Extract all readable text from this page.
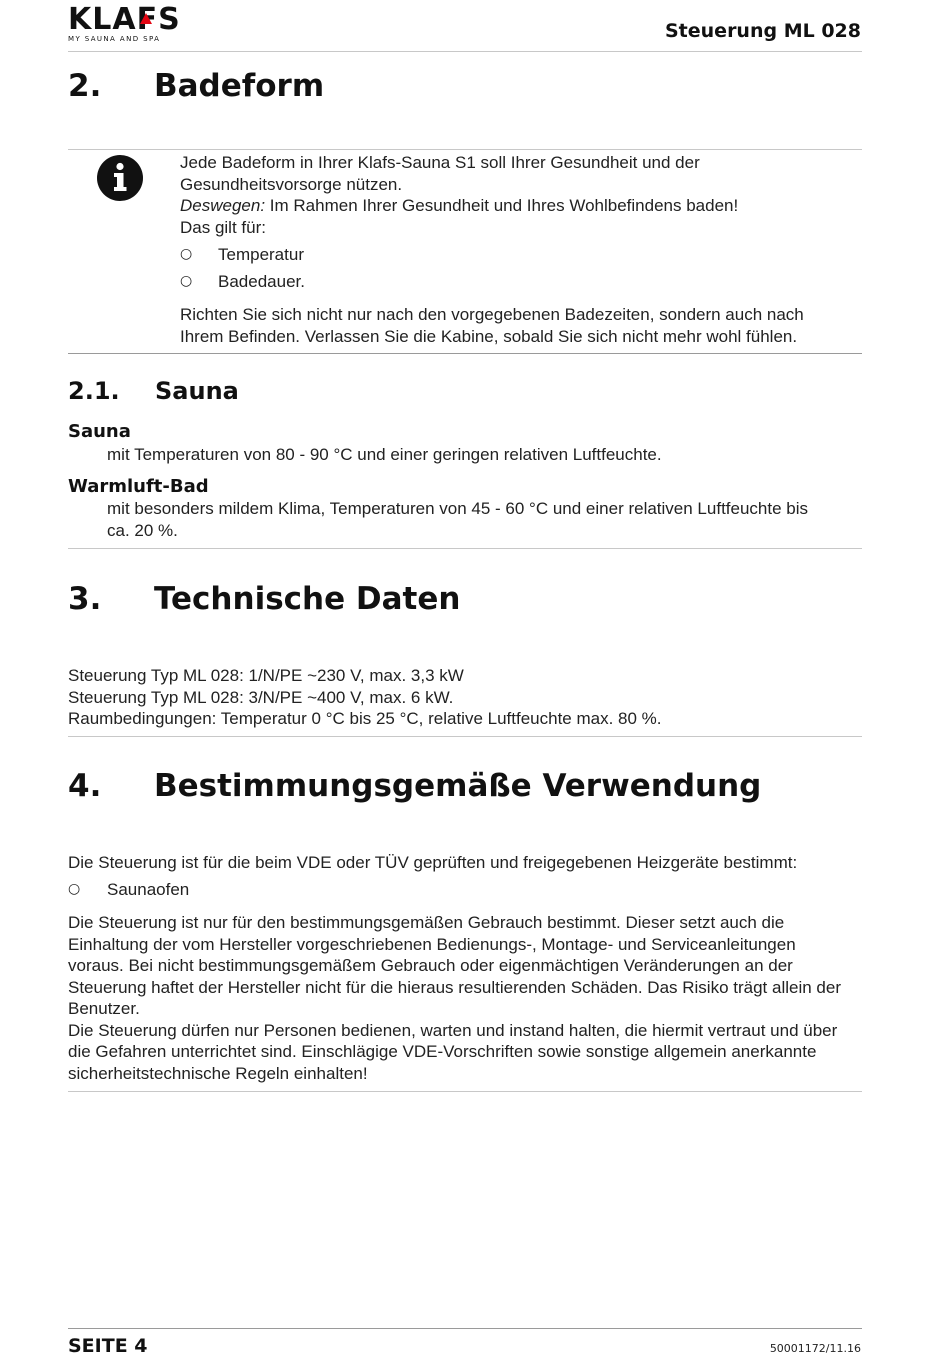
KLAFS
MY SAUNA AND SPA	Steuerung ML 028
2. Badeform
Jede Badeform in Ihrer Klafs-Sauna S1 soll Ihrer Gesundheit und der
Gesundheitsvorsorge nützen.
Deswegen: Im Rahmen Ihrer Gesundheit und Ihres Wohlbefindens baden!
Das gilt für:
○ Temperatur
○ Badedauer.
Richten Sie sich nicht nur nach den vorgegebenen Badezeiten, sondern auch nach
Ihrem Befinden. Verlassen Sie die Kabine, sobald Sie sich nicht mehr wohl fühlen.
2.1. Sauna
Sauna
mit Temperaturen von 80 - 90 °C und einer geringen relativen Luftfeuchte.
Warmluft-Bad
mit besonders mildem Klima, Temperaturen von 45 - 60 °C und einer relativen Luftfeuchte bis
ca. 20 %.
3. Technische Daten
Steuerung Typ ML 028: 1/N/PE ~230 V, max. 3,3 kW
Steuerung Typ ML 028: 3/N/PE ~400 V, max. 6 kW.
Raumbedingungen: Temperatur 0 °C bis 25 °C, relative Luftfeuchte max. 80 %.
4. Bestimmungsgemäße Verwendung
Die Steuerung ist für die beim VDE oder TÜV geprüften und freigegebenen Heizgeräte bestimmt:
○ Saunaofen
Die Steuerung ist nur für den bestimmungsgemäßen Gebrauch bestimmt. Dieser setzt auch die
Einhaltung der vom Hersteller vorgeschriebenen Bedienungs-, Montage- und Serviceanleitungen
voraus. Bei nicht bestimmungsgemäßem Gebrauch oder eigenmächtigen Veränderungen an der
Steuerung haftet der Hersteller nicht für die hieraus resultierenden Schäden. Das Risiko trägt allein der
Benutzer.
Die Steuerung dürfen nur Personen bedienen, warten und instand halten, die hiermit vertraut und über
die Gefahren unterrichtet sind. Einschlägige VDE-Vorschriften sowie sonstige allgemein anerkannte
sicherheitstechnische Regeln einhalten!
SEITE 4	50001172/11.16
